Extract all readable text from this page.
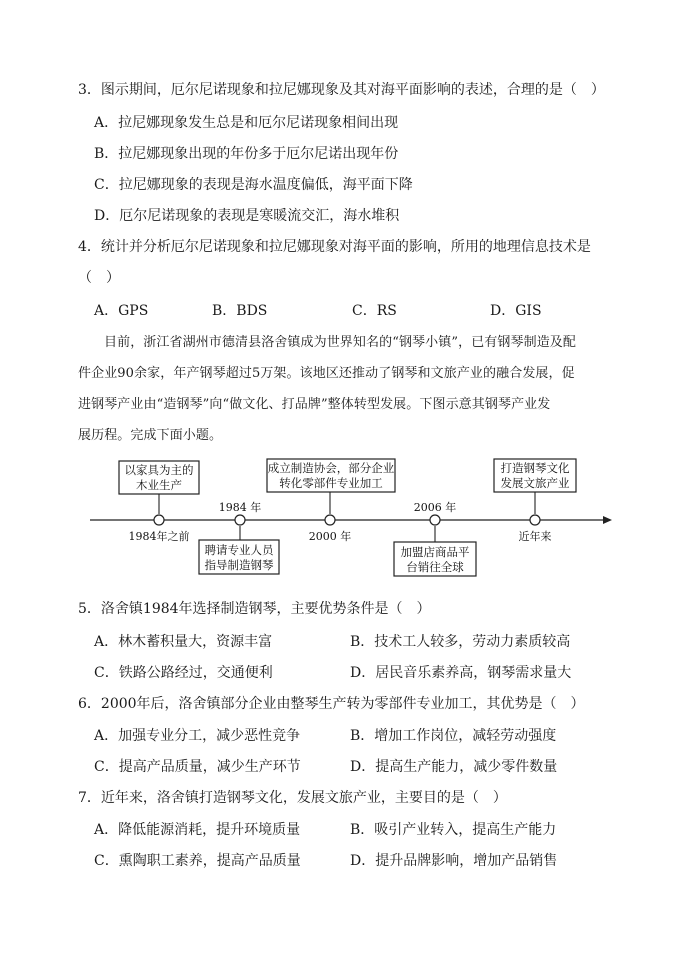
3．图示期间，厄尔尼诺现象和拉尼娜现象及其对海平面影响的表述，合理的是（　）
A．拉尼娜现象发生总是和厄尔尼诺现象相间出现
B．拉尼娜现象出现的年份多于厄尔尼诺出现年份
C．拉尼娜现象的表现是海水温度偏低，海平面下降
D．厄尔尼诺现象的表现是寒暖流交汇，海水堆积
4．统计并分析厄尔尼诺现象和拉尼娜现象对海平面的影响，所用的地理信息技术是
（　）
A．GPS	B．BDS	C．RS	D．GIS
目前，浙江省湖州市德清县洛舍镇成为世界知名的“钢琴小镇”，已有钢琴制造及配
件企业90余家，年产钢琴超过5万架。该地区还推动了钢琴和文旅产业的融合发展，促
进钢琴产业由“造钢琴”向“做文化、打品牌”整体转型发展。下图示意其钢琴产业发
展历程。完成下面小题。
以家具为主的
木业生产
聘请专业人员
指导制造钢琴
成立制造协会，部分企业
转化零部件专业加工
加盟店商品平
台销往全球
打造钢琴文化
发展文旅产业
1984年之前
1984 年
2000 年
2006 年
近年来
5．洛舍镇1984年选择制造钢琴，主要优势条件是（　）
A．林木蓄积量大，资源丰富	B．技术工人较多，劳动力素质较高
C．铁路公路经过，交通便利	D．居民音乐素养高，钢琴需求量大
6．2000年后，洛舍镇部分企业由整琴生产转为零部件专业加工，其优势是（　）
A．加强专业分工，减少恶性竞争	B．增加工作岗位，减轻劳动强度
C．提高产品质量，减少生产环节	D．提高生产能力，减少零件数量
7．近年来，洛舍镇打造钢琴文化，发展文旅产业，主要目的是（　）
A．降低能源消耗，提升环境质量	B．吸引产业转入，提高生产能力
C．熏陶职工素养，提高产品质量	D．提升品牌影响，增加产品销售
